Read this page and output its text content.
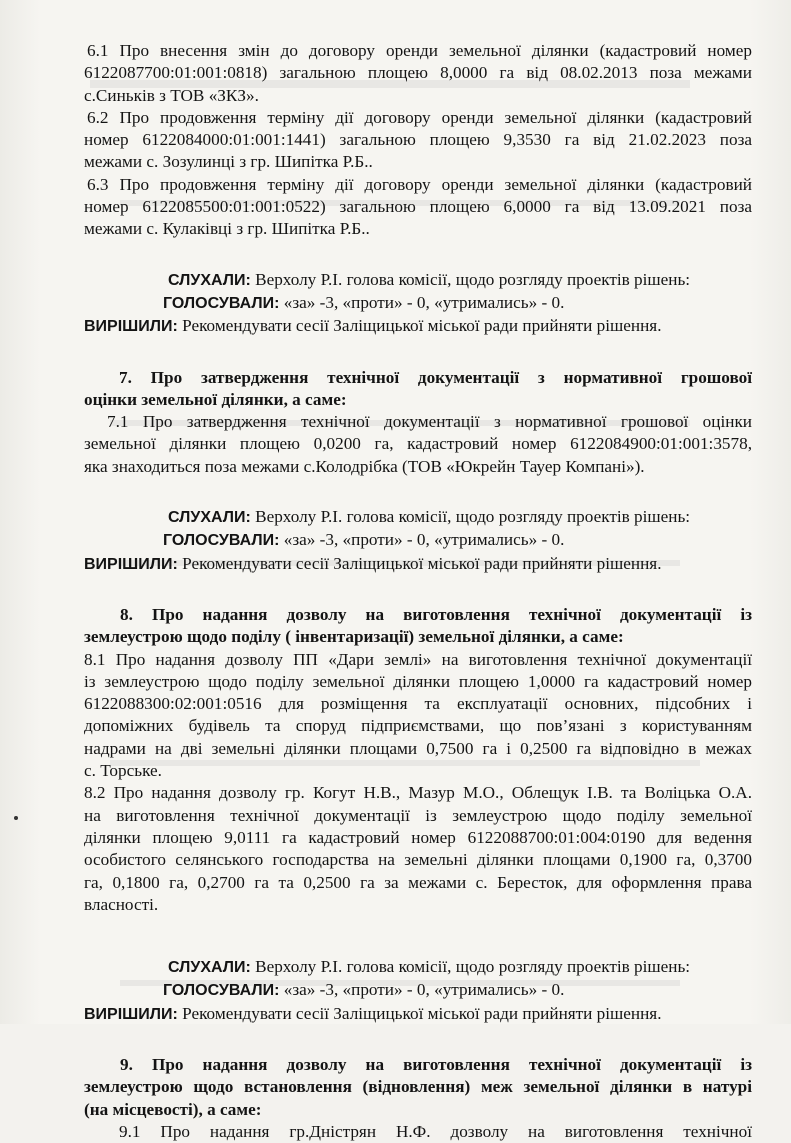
6.1 Про внесення змін до договору оренди земельної ділянки (кадастровий номер

6122087700:01:001:0818) загальною площею 8,0000 га від 08.02.2013 поза межами

с.Синьків з ТОВ «ЗКЗ».

6.2 Про продовження терміну дії договору оренди земельної ділянки (кадастровий

номер 6122084000:01:001:1441) загальною площею 9,3530 га від 21.02.2023 поза

межами с. Зозулинці з гр. Шипітка Р.Б..

6.3 Про продовження терміну дії договору оренди земельної ділянки (кадастровий

номер 6122085500:01:001:0522) загальною площею 6,0000 га від 13.09.2021 поза

межами с. Кулаківці з гр. Шипітка Р.Б..

СЛУХАЛИ: Верхолу Р.І. голова комісії, щодо розгляду проектів рішень:

ГОЛОСУВАЛИ: «за» -3, «проти» - 0, «утримались» - 0.

ВИРІШИЛИ: Рекомендувати сесії Заліщицької міської ради прийняти рішення.

7. Про затвердження технічної документації з нормативної грошової

оцінки земельної ділянки, а саме:

7.1 Про затвердження технічної документації з нормативної грошової оцінки

земельної ділянки площею 0,0200 га, кадастровий номер 6122084900:01:001:3578,

яка знаходиться поза межами с.Колодрібка (ТОВ «Юкрейн Тауер Компані»).

СЛУХАЛИ: Верхолу Р.І. голова комісії, щодо розгляду проектів рішень:

ГОЛОСУВАЛИ: «за» -3, «проти» - 0, «утримались» - 0.

ВИРІШИЛИ: Рекомендувати сесії Заліщицької міської ради прийняти рішення.

8. Про надання дозволу на виготовлення технічної документації із

землеустрою щодо поділу ( інвентаризації) земельної ділянки, а саме:

8.1 Про надання дозволу ПП «Дари землі» на виготовлення технічної документації

із землеустрою щодо поділу земельної ділянки площею 1,0000 га кадастровий номер

6122088300:02:001:0516 для розміщення та експлуатації основних, підсобних і

допоміжних будівель та споруд підприємствами, що пов’язані з користуванням

надрами на дві земельні ділянки площами 0,7500 га і 0,2500 га відповідно в межах

с. Торське.

8.2 Про надання дозволу гр. Когут Н.В., Мазур М.О., Облещук І.В. та Воліцька О.А.

на виготовлення технічної документації із землеустрою щодо поділу земельної

ділянки площею 9,0111 га кадастровий номер 6122088700:01:004:0190 для ведення

особистого селянського господарства на земельні ділянки площами 0,1900 га, 0,3700

га, 0,1800 га, 0,2700 га та 0,2500 га за межами с. Бересток, для оформлення права

власності.

СЛУХАЛИ: Верхолу Р.І. голова комісії, щодо розгляду проектів рішень:

ГОЛОСУВАЛИ: «за» -3, «проти» - 0, «утримались» - 0.

ВИРІШИЛИ: Рекомендувати сесії Заліщицької міської ради прийняти рішення.

9. Про надання дозволу на виготовлення технічної документації із

землеустрою щодо встановлення (відновлення) меж земельної ділянки в натурі

(на місцевості), а саме:

9.1 Про надання гр.Дністрян Н.Ф. дозволу на виготовлення технічної
